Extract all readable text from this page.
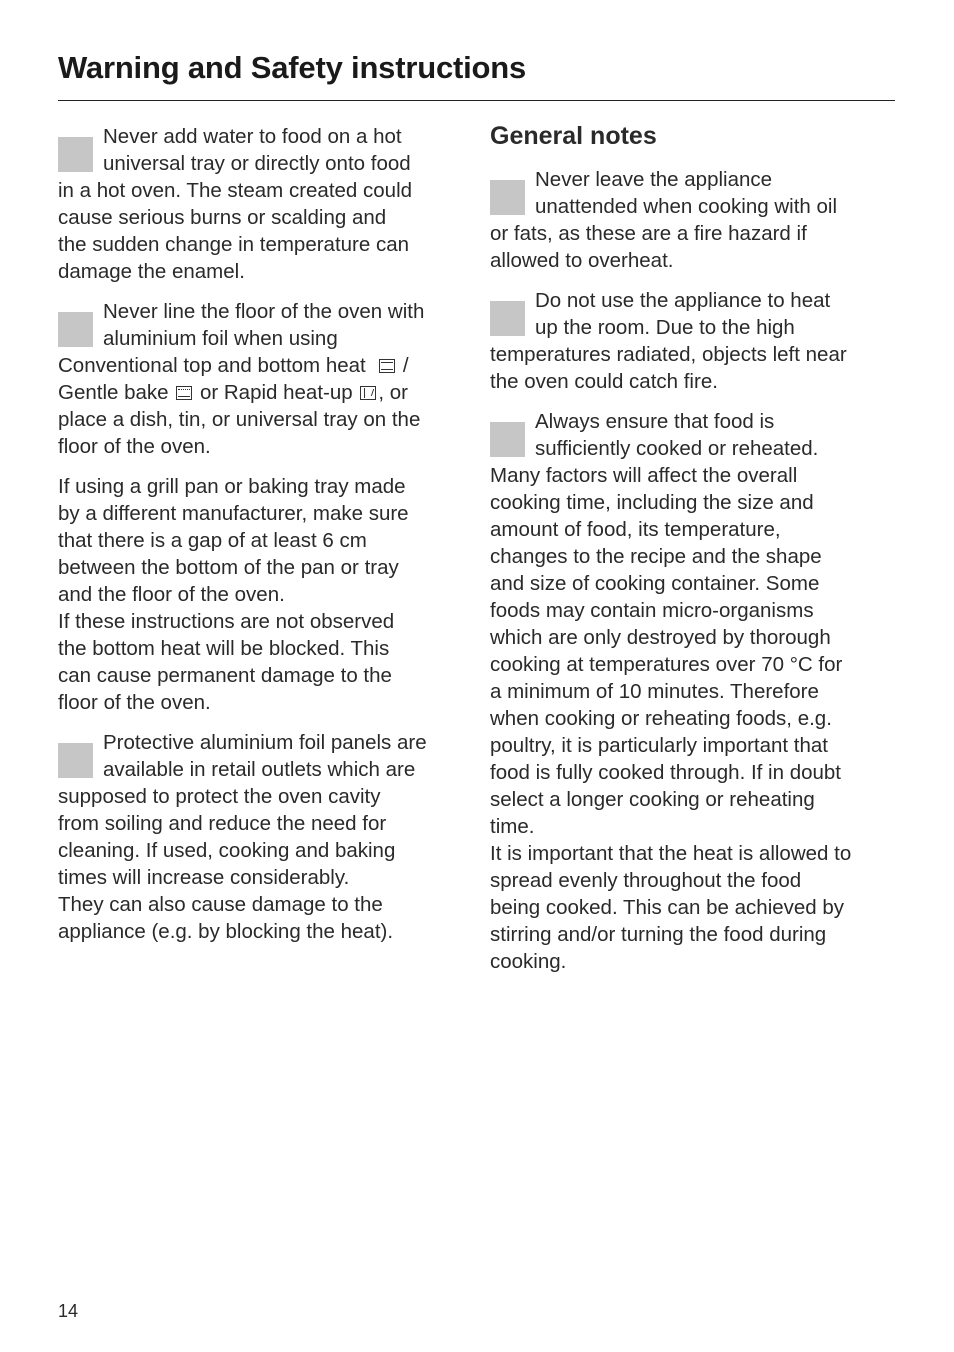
Warning and Safety instructions
Never add water to food on a hot
universal tray or directly onto food
in a hot oven. The steam created could
cause serious burns or scalding and
the sudden change in temperature can
damage the enamel.
Never line the floor of the oven with
aluminium foil when using
Conventional top and bottom heat   /
Gentle bake  or Rapid heat-up , or
place a dish, tin, or universal tray on the
floor of the oven.
If using a grill pan or baking tray made
by a different manufacturer, make sure
that there is a gap of at least 6 cm
between the bottom of the pan or tray
and the floor of the oven.
If these instructions are not observed
the bottom heat will be blocked. This
can cause permanent damage to the
floor of the oven.
Protective aluminium foil panels are
available in retail outlets which are
supposed to protect the oven cavity
from soiling and reduce the need for
cleaning. If used, cooking and baking
times will increase considerably.
They can also cause damage to the
appliance (e.g. by blocking the heat).
General notes
Never leave the appliance
unattended when cooking with oil
or fats, as these are a fire hazard if
allowed to overheat.
Do not use the appliance to heat
up the room. Due to the high
temperatures radiated, objects left near
the oven could catch fire.
Always ensure that food is
sufficiently cooked or reheated.
Many factors will affect the overall
cooking time, including the size and
amount of food, its temperature,
changes to the recipe and the shape
and size of cooking container. Some
foods may contain micro-organisms
which are only destroyed by thorough
cooking at temperatures over 70 °C for
a minimum of 10 minutes. Therefore
when cooking or reheating foods, e.g.
poultry, it is particularly important that
food is fully cooked through. If in doubt
select a longer cooking or reheating
time.
It is important that the heat is allowed to
spread evenly throughout the food
being cooked. This can be achieved by
stirring and/or turning the food during
cooking.
14
